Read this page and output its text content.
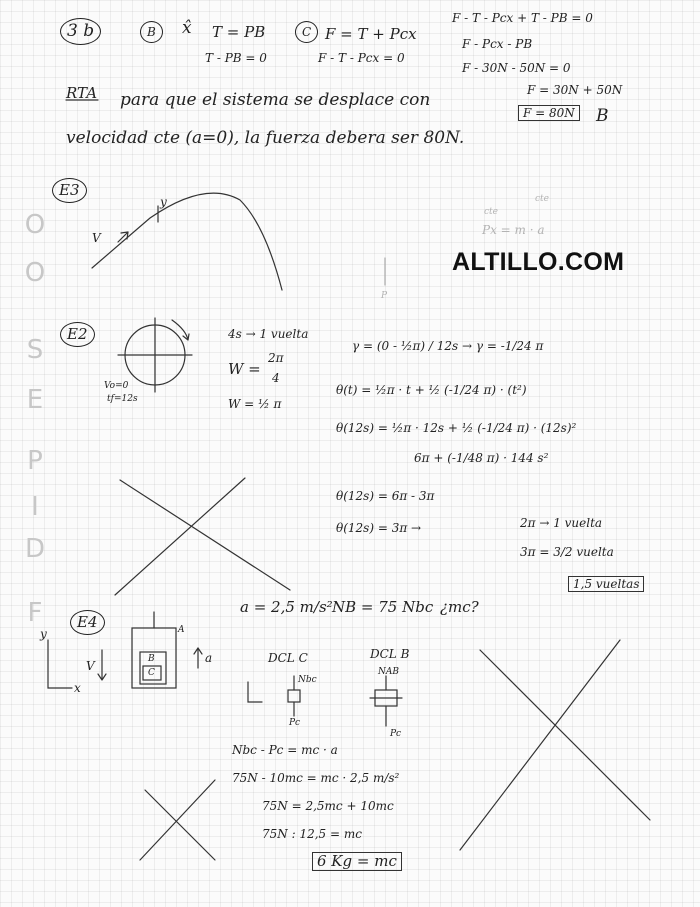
O
O
S
E
P
I
D
F
ALTILLO.COM
3 b	B	x̂ T = PB
T - PB = 0
C F = T + Pcx
F - T - Pcx = 0
F - T - Pcx + T - PB = 0
F - Pcx - PB
F - 30N - 50N = 0
F = 30N + 50N
F = 80N B
RTA para que el sistema se desplace con
velocidad cte (a=0), la fuerza debera ser 80N.
E3
y
V
cte
cte
Px = m · a
P
E2
Vo=0
tf=12s
4s → 1 vuelta
W =
2π
4
W = ½ π
γ = (0 - ½π) / 12s → γ = -1/24 π
θ(t) = ½π · t + ½ (-1/24 π) · (t²)
θ(12s) = ½π · 12s + ½ (-1/24 π) · (12s)²
6π + (-1/48 π) · 144 s²
θ(12s) = 6π - 3π
θ(12s) = 3π →	2π → 1 vuelta
3π = 3/2 vuelta
1,5 vueltas
E4
a = 2,5 m/s² NB = 75 Nbc ¿mc?
a
V
y
x
A
B
C
DCL C	DCL B
Nbc
Pc
NAB
Pc
Nbc - Pc = mc · a
75N - 10mc = mc · 2,5 m/s²
75N = 2,5mc + 10mc
75N : 12,5 = mc
6 Kg = mc
